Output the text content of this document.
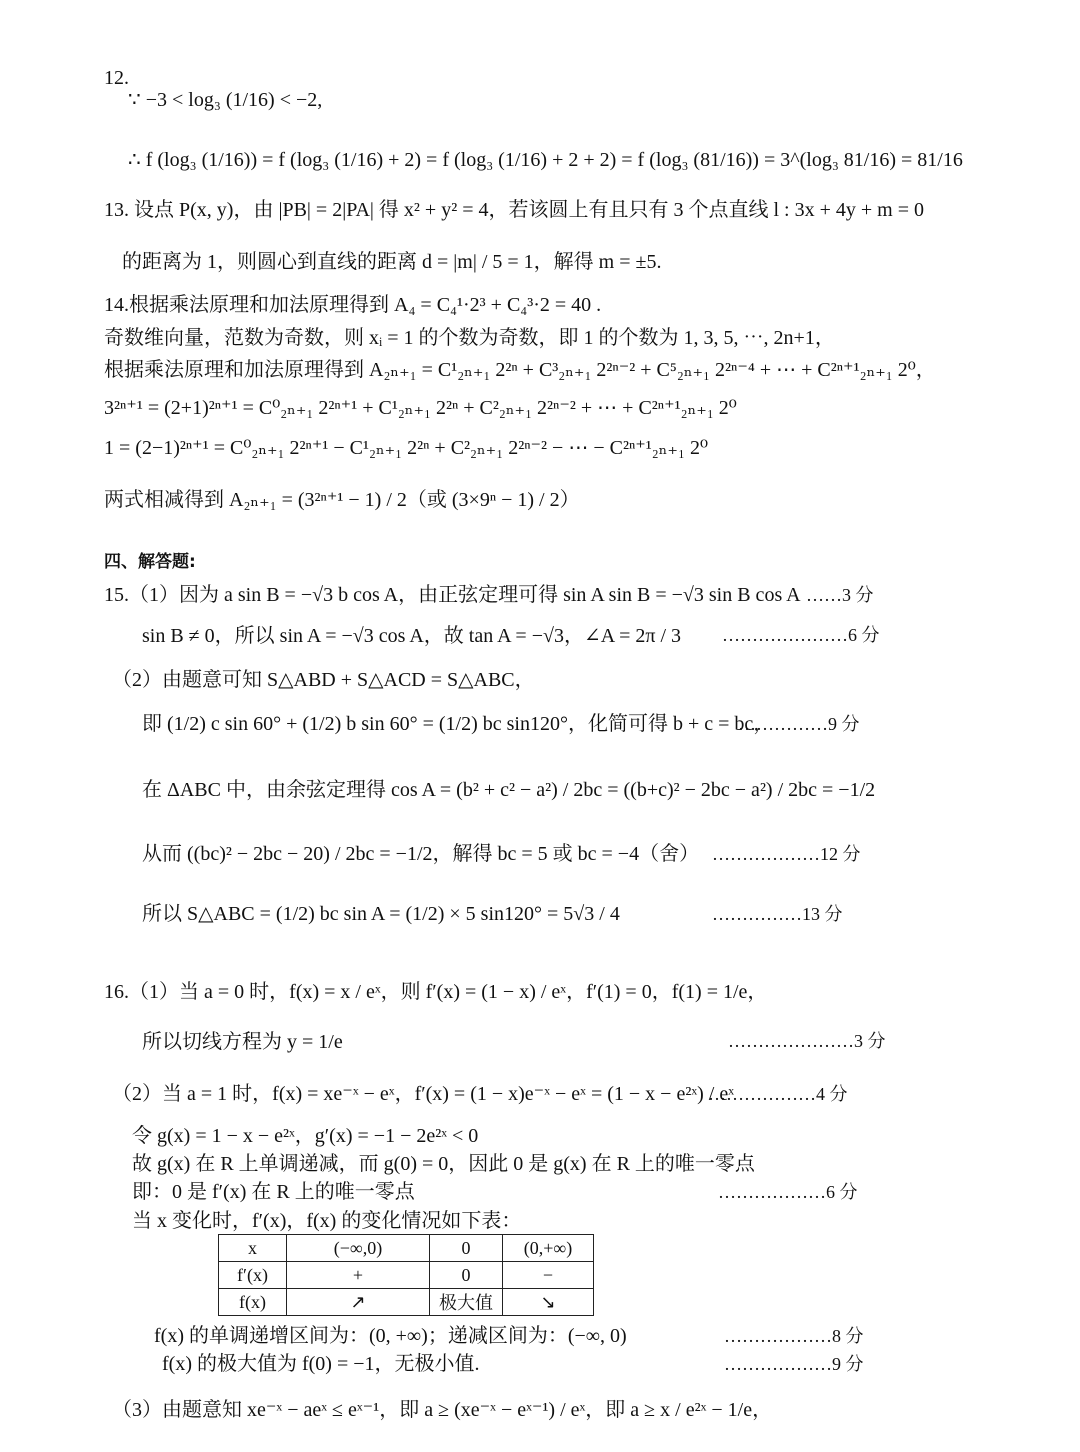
12.
∵ −3 < log₃ (1/16) < −2,
∴ f (log₃ (1/16)) = f (log₃ (1/16) + 2) = f (log₃ (1/16) + 2 + 2) = f (log₃ (81/16)) = 3^(log₃ 81/16) = 81/16
13. 设点 P(x, y)，由 |PB| = 2|PA| 得 x² + y² = 4，若该圆上有且只有 3 个点直线 l : 3x + 4y + m = 0
的距离为 1，则圆心到直线的距离 d = |m| / 5 = 1，解得 m = ±5.
14.根据乘法原理和加法原理得到 A₄ = C₄¹·2³ + C₄³·2 = 40 .
奇数维向量，范数为奇数，则 xᵢ = 1 的个数为奇数，即 1 的个数为 1, 3, 5, ⋯, 2n+1，
根据乘法原理和加法原理得到 A₂ₙ₊₁ = C¹₂ₙ₊₁ 2²ⁿ + C³₂ₙ₊₁ 2²ⁿ⁻² + C⁵₂ₙ₊₁ 2²ⁿ⁻⁴ + ⋯ + C²ⁿ⁺¹₂ₙ₊₁ 2⁰，
3²ⁿ⁺¹ = (2+1)²ⁿ⁺¹ = C⁰₂ₙ₊₁ 2²ⁿ⁺¹ + C¹₂ₙ₊₁ 2²ⁿ + C²₂ₙ₊₁ 2²ⁿ⁻² + ⋯ + C²ⁿ⁺¹₂ₙ₊₁ 2⁰
1 = (2−1)²ⁿ⁺¹ = C⁰₂ₙ₊₁ 2²ⁿ⁺¹ − C¹₂ₙ₊₁ 2²ⁿ + C²₂ₙ₊₁ 2²ⁿ⁻² − ⋯ − C²ⁿ⁺¹₂ₙ₊₁ 2⁰
两式相减得到 A₂ₙ₊₁ = (3²ⁿ⁺¹ − 1) / 2（或 (3×9ⁿ − 1) / 2）
四、解答题:
15.（1）因为 a sin B = −√3 b cos A，由正弦定理可得 sin A sin B = −√3 sin B cos A
sin B ≠ 0，所以 sin A = −√3 cos A，故 tan A = −√3，∠A = 2π / 3
（2）由题意可知 S△ABD + S△ACD = S△ABC，
即 (1/2) c sin 60° + (1/2) b sin 60° = (1/2) bc sin120°，化简可得 b + c = bc，
在 ΔABC 中，由余弦定理得 cos A = (b² + c² − a²) / 2bc = ((b+c)² − 2bc − a²) / 2bc = −1/2
从而 ((bc)² − 2bc − 20) / 2bc = −1/2，解得 bc = 5 或 bc = −4（舍）
所以 S△ABC = (1/2) bc sin A = (1/2) × 5 sin120° = 5√3 / 4
16.（1）当 a = 0 时，f(x) = x / eˣ，则 f′(x) = (1 − x) / eˣ，f′(1) = 0，f(1) = 1/e，
所以切线方程为 y = 1/e
（2）当 a = 1 时，f(x) = xe⁻ˣ − eˣ，f′(x) = (1 − x)e⁻ˣ − eˣ = (1 − x − e²ˣ) / eˣ
令 g(x) = 1 − x − e²ˣ，g′(x) = −1 − 2e²ˣ < 0
故 g(x) 在 R 上单调递减，而 g(0) = 0，因此 0 是 g(x) 在 R 上的唯一零点
即：0 是 f′(x) 在 R 上的唯一零点
当 x 变化时，f′(x)，f(x) 的变化情况如下表：
f(x) 的单调递增区间为：(0, +∞)；递减区间为：(−∞, 0)
f(x) 的极大值为 f(0) = −1，无极小值.
（3）由题意知 xe⁻ˣ − aeˣ ≤ eˣ⁻¹，即 a ≥ (xe⁻ˣ − eˣ⁻¹) / eˣ，即 a ≥ x / e²ˣ − 1/e，
……3 分
…………………6 分
……………9 分
………………12 分
……………13 分
…………………3 分
………………4 分
………………6 分
………………8 分
………………9 分
x	(−∞,0)	0	(0,+∞)
f′(x)	+	0	−
f(x)	↗	极大值	↘
